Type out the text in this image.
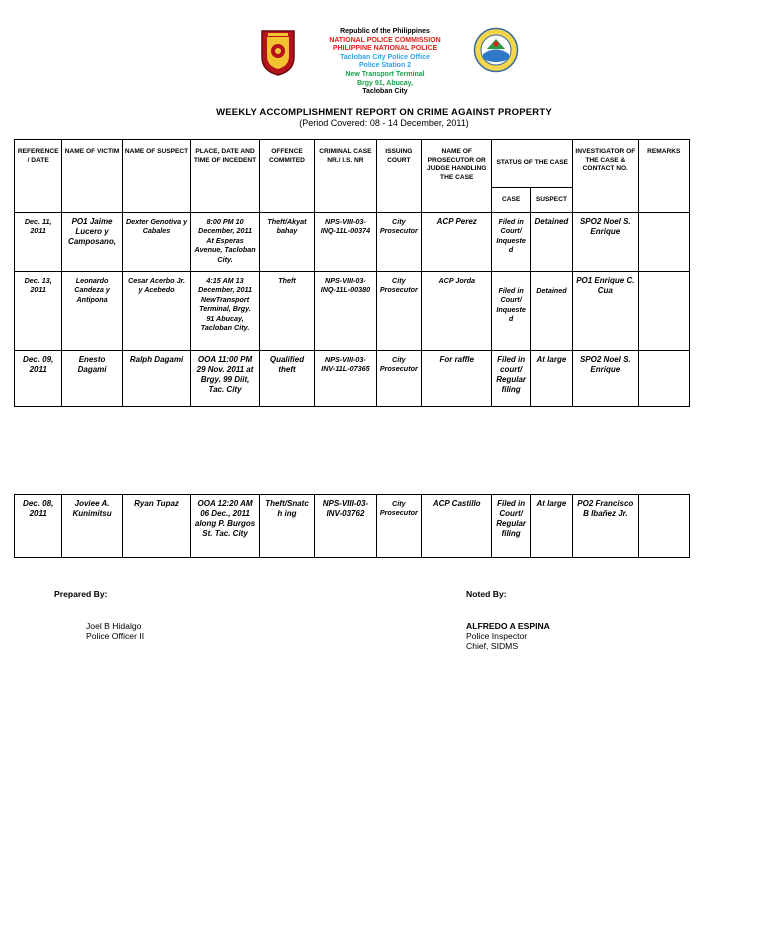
Republic of the Philippines
NATIONAL POLICE COMMISSION
PHILIPPINE NATIONAL POLICE
Tacloban City Police Office
Police Station 2
New Transport Terminal
Brgy 91, Abucay,
Tacloban City
WEEKLY ACCOMPLISHMENT REPORT ON CRIME AGAINST PROPERTY
(Period Covered: 08 - 14 December, 2011)
REFERENCE / DATE	NAME OF VICTIM	NAME OF SUSPECT	PLACE, DATE AND TIME OF INCEDENT	OFFENCE COMMITED	CRIMINAL CASE NR./ I.S. NR	ISSUING COURT	NAME OF PROSECUTOR OR JUDGE HANDLING THE CASE	STATUS OF THE CASE		INVESTIGATOR OF THE CASE & CONTACT NO.	REMARKS
								CASE	SUSPECT		
Dec. 11, 2011	PO1 Jaime Lucero y Camposano,	Dexter Genotiva y Cabales	8:00 PM 10 December, 2011 At Esperas Avenue, Tacloban City.	Theft/Akyat bahay	NPS-VIII-03-INQ-11L-00374	City Prosecutor	ACP Perez	Filed in Court/ Inqueste d	Detained	SPO2 Noel S. Enrique	
Dec. 13, 2011	Leonardo Candeza y Antipona	Cesar Acerbo Jr. y Acebedo	4:15 AM 13 December, 2011 NewTransport Terminal, Brgy. 91 Abucay, Tacloban City.	Theft	NPS-VIII-03-INQ-11L-00380	City Prosecutor	ACP Jorda	Filed in Court/ Inqueste d	Detained	PO1 Enrique C. Cua	
Dec. 09, 2011	Enesto Dagami	Ralph Dagami	OOA 11:00 PM 29 Nov. 2011 at Brgy. 99 Diit, Tac. City	Qualified theft	NPS-VIII-03-INV-11L-07365	City Prosecutor	For raffle	Filed in court/ Regular filing	At large	SPO2 Noel S. Enrique	
Dec. 08, 2011	Joviee A. Kunimitsu	Ryan Tupaz	OOA 12:20 AM 06 Dec., 2011 along P. Burgos St. Tac. City	Theft/Snatch ing	NPS-VIII-03-INV-03762	City Prosecutor	ACP Castillo	Filed in Court/ Regular filing	At large	PO2 Francisco B Ibañez Jr.	
Prepared By:
Joel B Hidalgo
Police Officer II
Noted By:
ALFREDO A ESPINA
Police Inspector
Chief, SIDMS
